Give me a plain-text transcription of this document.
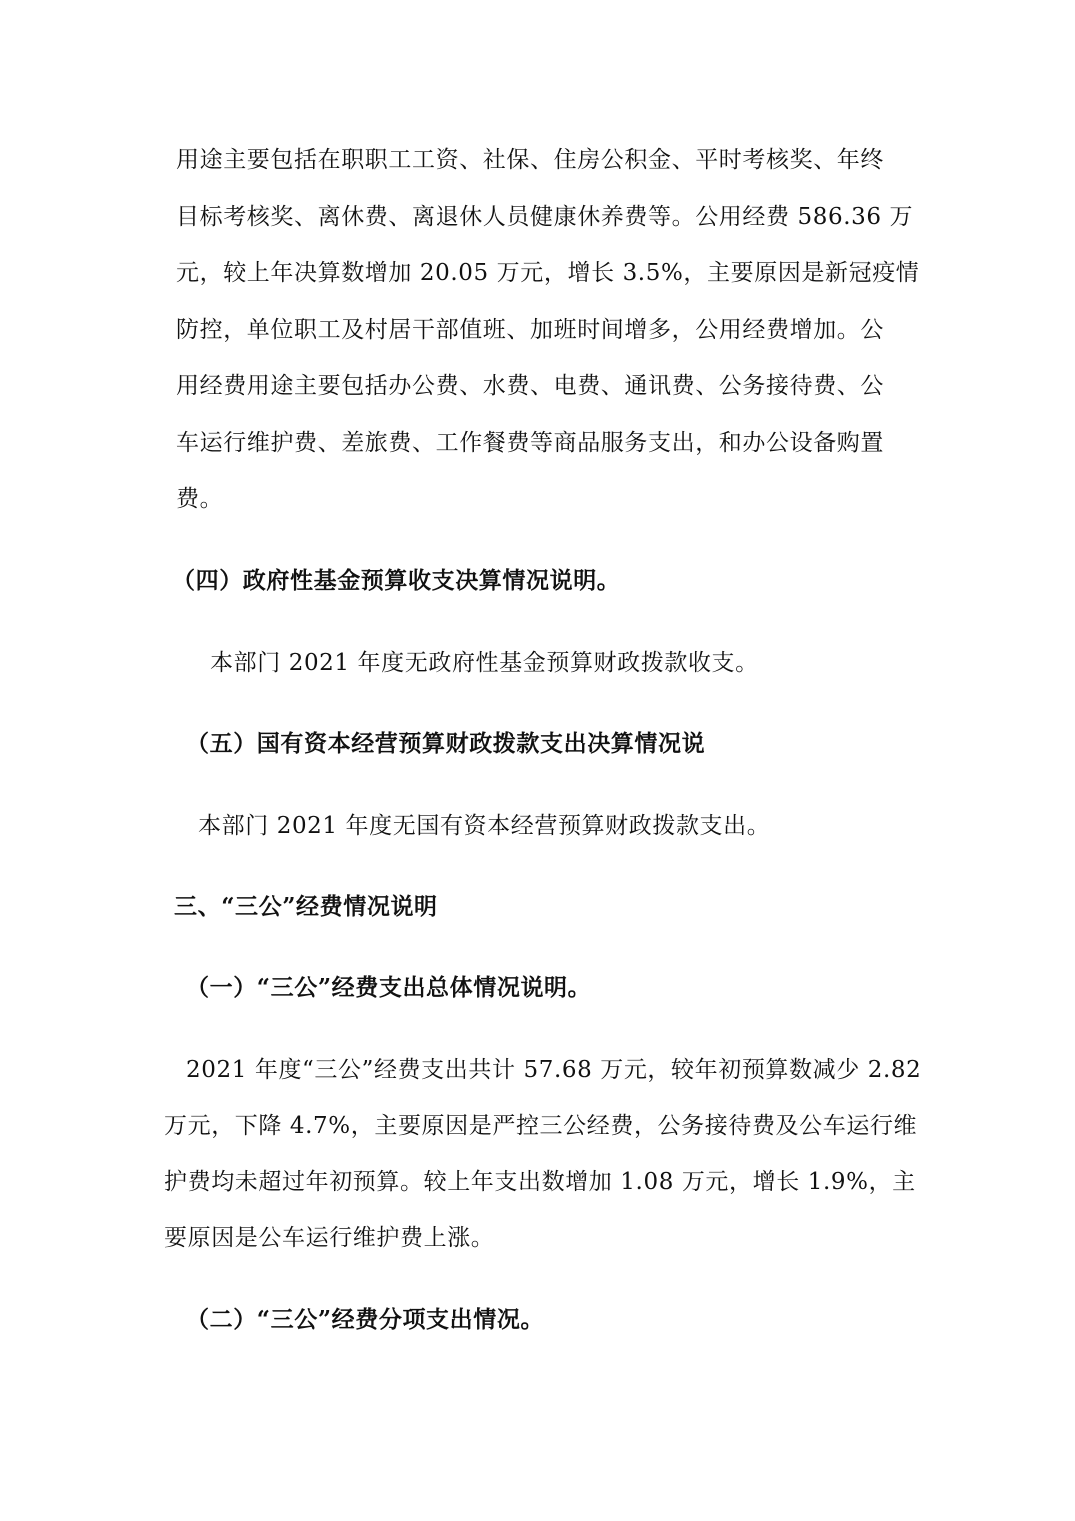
用途主要包括在职职工工资、社保、住房公积金、平时考核奖、年终
目标考核奖、离休费、离退休人员健康休养费等。公用经费 586.36 万
元，较上年决算数增加 20.05 万元，增长 3.5%，主要原因是新冠疫情
防控，单位职工及村居干部值班、加班时间增多，公用经费增加。公
用经费用途主要包括办公费、水费、电费、通讯费、公务接待费、公
车运行维护费、差旅费、工作餐费等商品服务支出，和办公设备购置
费。
（四）政府性基金预算收支决算情况说明。
本部门 2021 年度无政府性基金预算财政拨款收支。
（五）国有资本经营预算财政拨款支出决算情况说
本部门 2021 年度无国有资本经营预算财政拨款支出。
三、“三公”经费情况说明
（一）“三公”经费支出总体情况说明。
2021 年度“三公”经费支出共计 57.68 万元，较年初预算数减少 2.82
万元，下降 4.7%，主要原因是严控三公经费，公务接待费及公车运行维
护费均未超过年初预算。较上年支出数增加 1.08 万元，增长 1.9%，主
要原因是公车运行维护费上涨。
（二）“三公”经费分项支出情况。
